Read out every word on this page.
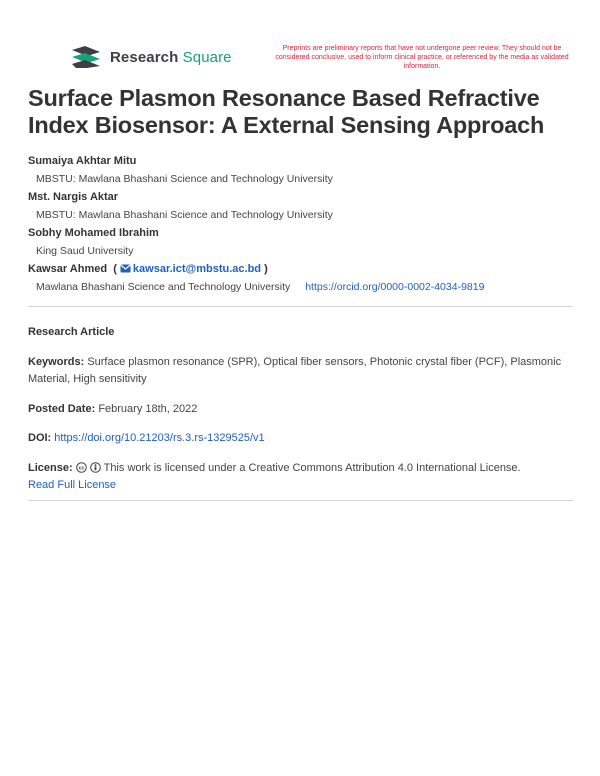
Research Square	Preprints are preliminary reports that have not undergone peer review. They should not be considered conclusive, used to inform clinical practice, or referenced by the media as validated information.
Surface Plasmon Resonance Based Refractive Index Biosensor: A External Sensing Approach
Sumaiya Akhtar Mitu
MBSTU: Mawlana Bhashani Science and Technology University
Mst. Nargis Aktar
MBSTU: Mawlana Bhashani Science and Technology University
Sobhy Mohamed Ibrahim
King Saud University
Kawsar Ahmed ( kawsar.ict@mbstu.ac.bd )
Mawlana Bhashani Science and Technology University https://orcid.org/0000-0002-4034-9819
Research Article
Keywords: Surface plasmon resonance (SPR), Optical fiber sensors, Photonic crystal fiber (PCF), Plasmonic Material, High sensitivity
Posted Date: February 18th, 2022
DOI: https://doi.org/10.21203/rs.3.rs-1329525/v1
License: cc This work is licensed under a Creative Commons Attribution 4.0 International License.
Read Full License
